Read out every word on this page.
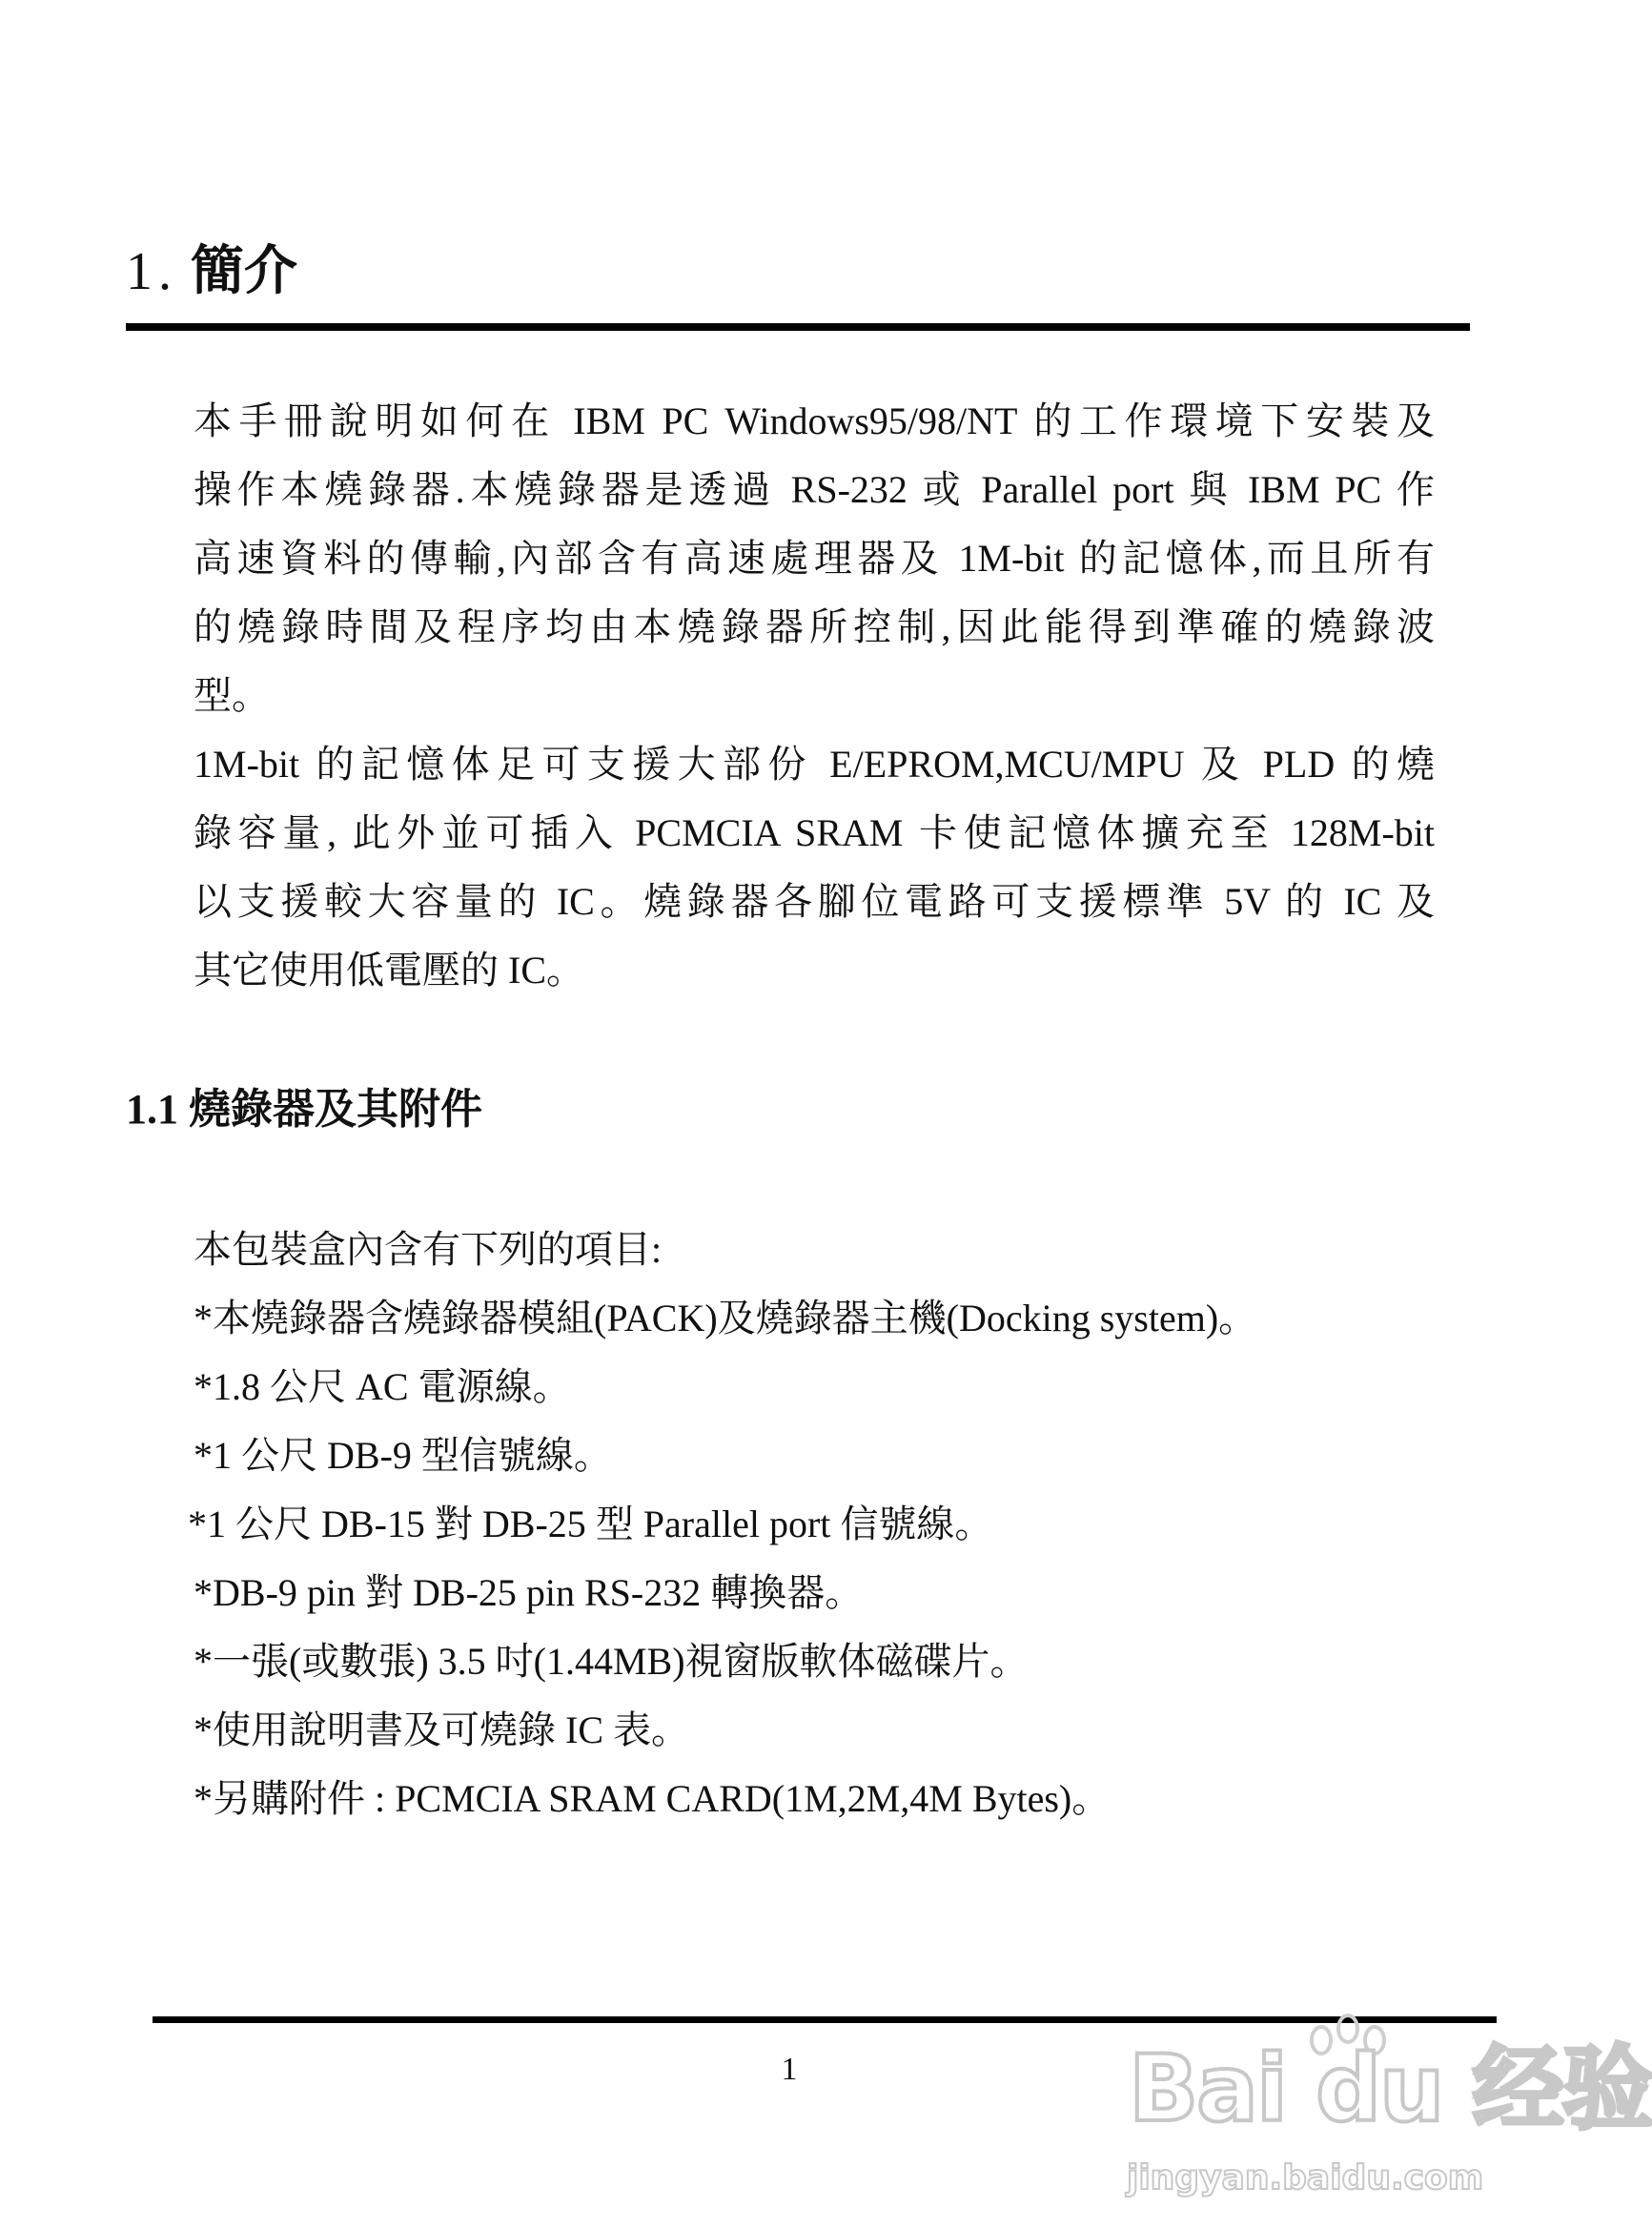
1. 簡介
本手冊說明如何在 IBM PC Windows95/98/NT 的工作環境下安裝及
操作本燒錄器.本燒錄器是透過 RS-232 或 Parallel port 與 IBM PC 作
高速資料的傳輸,內部含有高速處理器及 1M-bit 的記憶体,而且所有
的燒錄時間及程序均由本燒錄器所控制,因此能得到準確的燒錄波
型。
1M-bit 的記憶体足可支援大部份 E/EPROM,MCU/MPU 及 PLD 的燒
錄容量, 此外並可插入 PCMCIA SRAM 卡使記憶体擴充至 128M-bit
以支援較大容量的 IC。燒錄器各腳位電路可支援標準 5V 的 IC 及
其它使用低電壓的 IC。
1.1 燒錄器及其附件
本包裝盒內含有下列的項目:
*本燒錄器含燒錄器模組(PACK)及燒錄器主機(Docking system)。
*1.8 公尺 AC 電源線。
*1 公尺 DB-9 型信號線。
*1 公尺 DB-15 對 DB-25 型 Parallel port 信號線。
*DB-9 pin 對 DB-25 pin RS-232 轉換器。
*一張(或數張) 3.5 吋(1.44MB)視窗版軟体磁碟片。
*使用說明書及可燒錄 IC 表。
*另購附件 : PCMCIA SRAM CARD(1M,2M,4M Bytes)。
1	Bai du 经验
jingyan.baidu.com
